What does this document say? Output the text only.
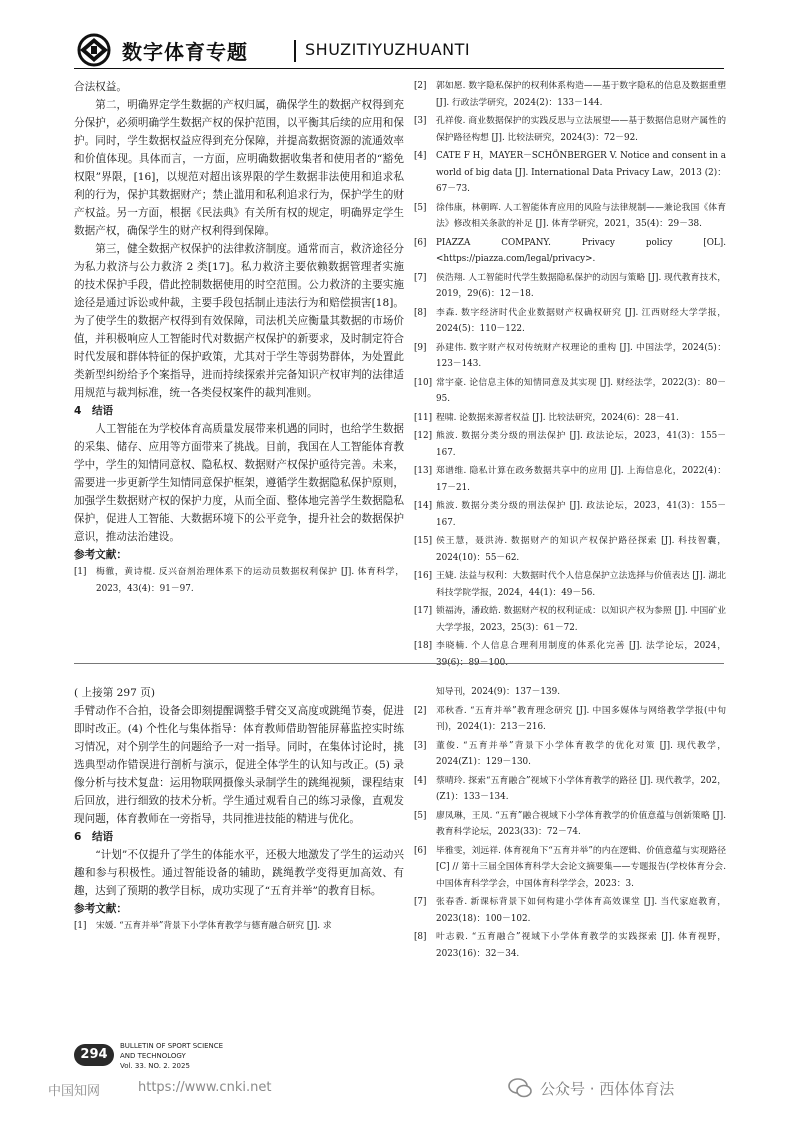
数字体育专题	SHUZITIYUZHUANTI

合法权益。

第二，明确界定学生数据的产权归属，确保学生的数据产权得到充分保护，必须明确学生数据产权的保护范围，以平衡其后续的应用和保护。同时，学生数据权益应得到充分保障，并提高数据资源的流通效率和价值体现。具体而言，一方面，应明确数据收集者和使用者的“豁免权限”界限，[16]，以规范对超出该界限的学生数据非法使用和追求私利的行为，保护其数据财产；禁止滥用和私利追求行为，保护学生的财产权益。另一方面，根据《民法典》有关所有权的规定，明确界定学生数据产权，确保学生的财产权利得到保障。

第三，健全数据产权保护的法律救济制度。通常而言，救济途径分为私力救济与公力救济 2 类[17]。私力救济主要依赖数据管理者实施的技术保护手段，借此控制数据使用的时空范围。公力救济的主要实施途径是通过诉讼或仲裁，主要手段包括制止违法行为和赔偿损害[18]。为了使学生的数据产权得到有效保障，司法机关应衡量其数据的市场价值，并积极响应人工智能时代对数据产权保护的新要求，及时制定符合时代发展和群体特征的保护政策，尤其对于学生等弱势群体，为处置此类新型纠纷给予个案指导，进而持续探索并完备知识产权审判的法律适用规范与裁判标准，统一各类侵权案件的裁判准则。

4　结语

人工智能在为学校体育高质量发展带来机遇的同时，也给学生数据的采集、储存、应用等方面带来了挑战。目前，我国在人工智能体育教学中，学生的知情同意权、隐私权、数据财产权保护亟待完善。未来，需要进一步更新学生知情同意保护框架，遵循学生数据隐私保护原则，加强学生数据财产权的保护力度，从而全面、整体地完善学生数据隐私保护，促进人工智能、大数据环境下的公平竞争，提升社会的数据保护意识，推动法治建设。

参考文献：

[1] 梅徹，黄诗棍. 反兴奋剂治理体系下的运动员数据权利保护 [J]. 体育科学，2023，43(4)：91－97.
[2] 郭如愿. 数字隐私保护的权利体系构造——基于数字隐私的信息及数据重塑 [J]. 行政法学研究，2024(2)：133－144.
[3] 孔祥俊. 商业数据保护的实践反思与立法展望——基于数据信息财产属性的保护路径构想 [J]. 比较法研究，2024(3)：72－92.
[4] CATE F H，MAYER－SCHÖNBERGER V. Notice and consent in a world of big data [J]. International Data Privacy Law，2013 (2)：67－73.
[5] 徐伟康，林朝晖. 人工智能体育应用的风险与法律规制——兼论我国《体育法》修改相关条款的补足 [J]. 体育学研究，2021，35(4)：29－38.
[6] PIAZZA COMPANY. Privacy policy [OL]. <https://piazza.com/legal/privacy>.
[7] 侯浩翔. 人工智能时代学生数据隐私保护的动因与策略 [J]. 现代教育技术，2019，29(6)：12－18.
[8] 李森. 数字经济时代企业数据财产权确权研究 [J]. 江西财经大学学报，2024(5)：110－122.
[9] 孙建伟. 数字财产权对传统财产权理论的重构 [J]. 中国法学，2024(5)：123－143.
[10] 常宇豪. 论信息主体的知情同意及其实现 [J]. 财经法学，2022(3)：80－95.
[11] 程啸. 论数据来源者权益 [J]. 比较法研究，2024(6)：28－41.
[12] 熊波. 数据分类分级的刑法保护 [J]. 政法论坛，2023，41(3)：155－167.
[13] 郑谱维. 隐私计算在政务数据共享中的应用 [J]. 上海信息化，2022(4)：17－21.
[14] 熊波. 数据分类分级的刑法保护 [J]. 政法论坛，2023，41(3)：155－167.
[15] 侯王慧，聂洪涛. 数据财产的知识产权保护路径探索 [J]. 科技智囊，2024(10)：55－62.
[16] 王婕. 法益与权利：大数据时代个人信息保护立法选择与价值表达 [J]. 湖北科技学院学报，2024，44(1)：49－56.
[17] 锁福涛，潘政皓. 数据财产权的权利证成：以知识产权为参照 [J]. 中国矿业大学学报，2023，25(3)：61－72.
[18] 李晓楠. 个人信息合理利用制度的体系化完善 [J]. 法学论坛，2024，

( 上接第 297 页)

手臂动作不合拍，设备会即刻提醒调整手臂交叉高度或跳绳节奏，促进即时改正。(4) 个性化与集体指导：体育教师借助智能屏幕监控实时练习情况，对个别学生的问题给予一对一指导。同时，在集体讨论时，挑选典型动作错误进行剖析与演示，促进全体学生的认知与改正。(5) 录像分析与技术复盘：运用物联网摄像头录制学生的跳绳视频，课程结束后回放，进行细致的技术分析。学生通过观看自己的练习录像，直观发现问题，体育教师在一旁指导，共同推进技能的精进与优化。

6　结语

“计划”不仅提升了学生的体能水平，还极大地激发了学生的运动兴趣和参与积极性。通过智能设备的辅助，跳绳教学变得更加高效、有趣，达到了预期的教学目标，成功实现了“五育并举”的教育目标。

参考文献：

[1] 宋媛. “五育并举”背景下小学体育教学与德育融合研究 [J]. 求
知导刊，2024(9)：137－139.
[2] 邓秋香. “五育并举”教育理念研究 [J]. 中国多媒体与网络教学学报(中旬刊)，2024(1)：213－216.
[3] 董俊. “五育并举”背景下小学体育教学的优化对策 [J]. 现代教学，2024(Z1)：129－130.
[4] 蔡晴玲. 探索“五育融合”视域下小学体育教学的路径 [J]. 现代教学，202，(Z1)：133－134.
[5] 廖凤琳，王凤. “五育”融合视域下小学体育教学的价值意蕴与创新策略 [J]. 教育科学论坛，2023(33)：72－74.
[6] 毕雅雯，刘远祥. 体育视角下“五育并举”的内在逻辑、价值意蕴与实现路径 [C] // 第十三届全国体育科学大会论文摘要集——专题报告(学校体育分会. 中国体育科学学会，中国体育科学学会，2023：3.
[7] 张春香. 新课标背景下如何构建小学体育高效课堂 [J]. 当代家庭教育，2023(18)：100－102.
[8] 叶志毅. “五育融合”视域下小学体育教学的实践探索 [J]. 体育视野，2023(16)：32－34.
294
BULLETIN OF SPORT SCIENCE
AND TECHNOLOGY
Vol. 33. NO. 2. 2025
中国知网	https://www.cnki.net	公众号 · 西体体育法
